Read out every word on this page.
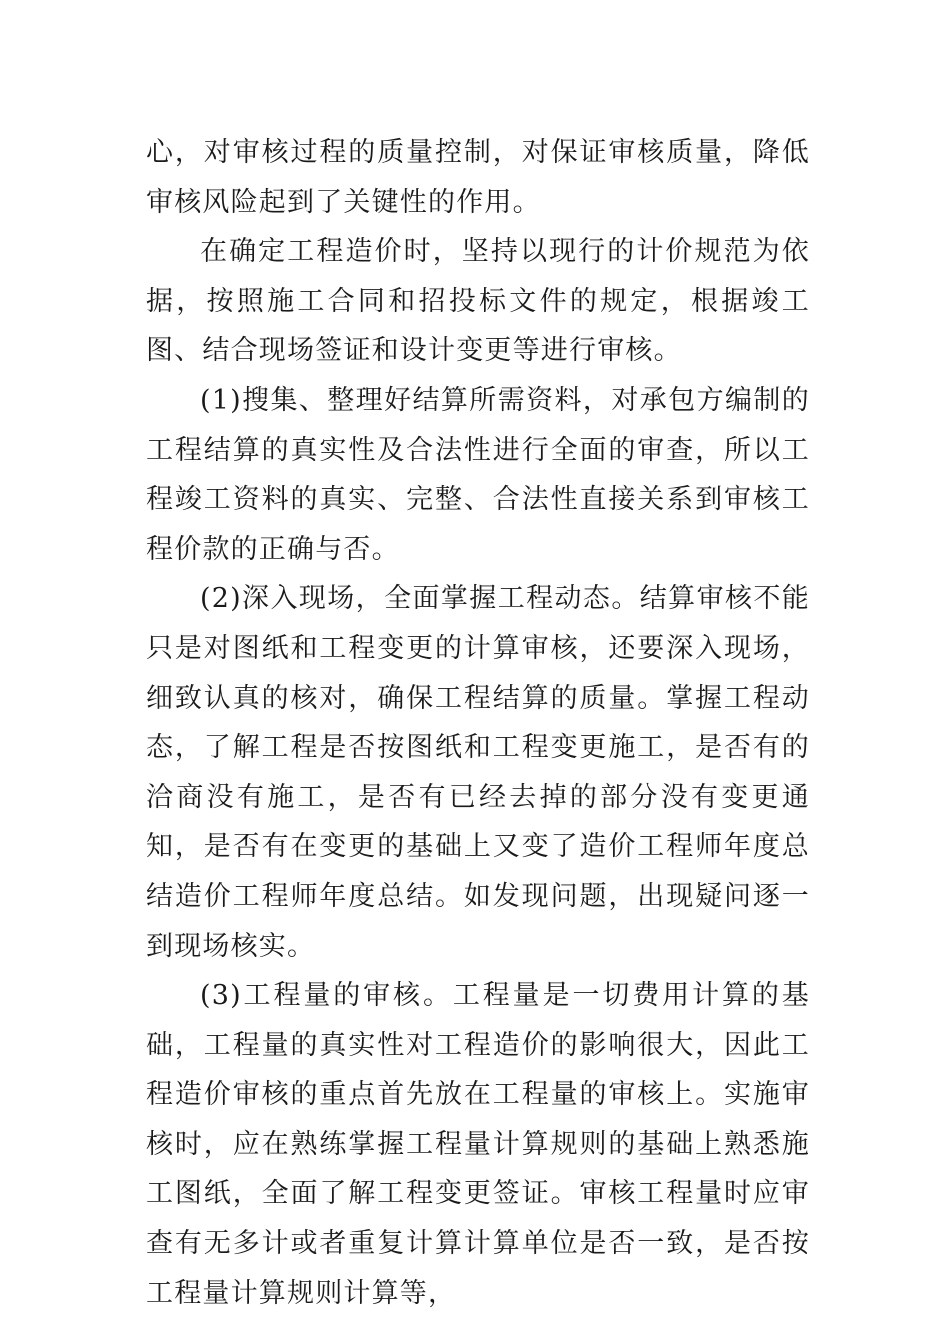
心，对审核过程的质量控制，对保证审核质量，降低审核风险起到了关键性的作用。

在确定工程造价时，坚持以现行的计价规范为依据，按照施工合同和招投标文件的规定，根据竣工图、结合现场签证和设计变更等进行审核。

(1)搜集、整理好结算所需资料，对承包方编制的工程结算的真实性及合法性进行全面的审查，所以工程竣工资料的真实、完整、合法性直接关系到审核工程价款的正确与否。

(2)深入现场，全面掌握工程动态。结算审核不能只是对图纸和工程变更的计算审核，还要深入现场，细致认真的核对，确保工程结算的质量。掌握工程动态，了解工程是否按图纸和工程变更施工，是否有的洽商没有施工，是否有已经去掉的部分没有变更通知，是否有在变更的基础上又变了造价工程师年度总结造价工程师年度总结。如发现问题，出现疑问逐一到现场核实。

(3)工程量的审核。工程量是一切费用计算的基础，工程量的真实性对工程造价的影响很大，因此工程造价审核的重点首先放在工程量的审核上。实施审核时，应在熟练掌握工程量计算规则的基础上熟悉施工图纸，全面了解工程变更签证。审核工程量时应审查有无多计或者重复计算计算单位是否一致，是否按工程量计算规则计算等，
